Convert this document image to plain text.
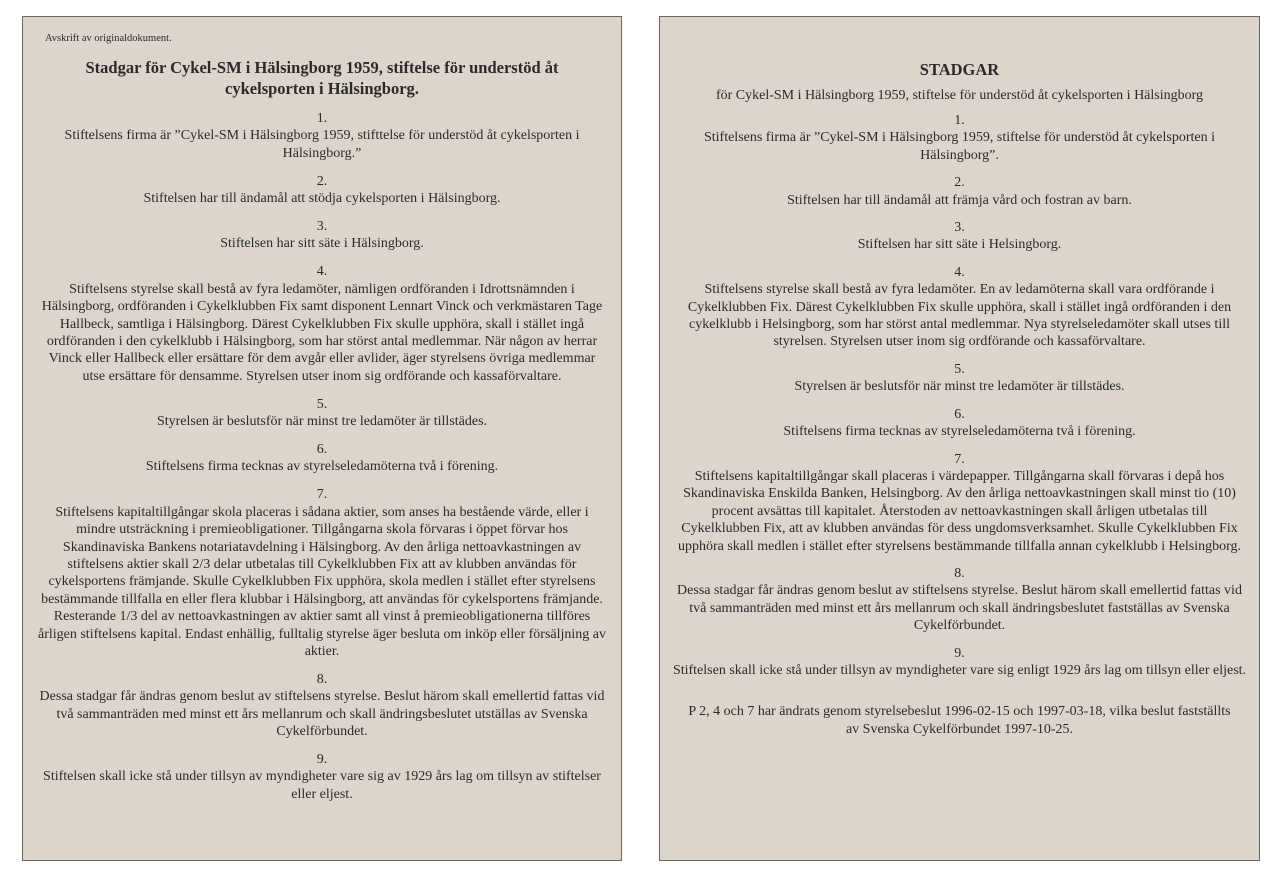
Avskrift av originaldokument.
Stadgar för Cykel-SM i Hälsingborg 1959, stiftelse för understöd åt cykelsporten i Hälsingborg.
1.
Stiftelsens firma är ”Cykel-SM i Hälsingborg 1959, stifttelse för understöd åt cykelsporten i Hälsingborg.”
2.
Stiftelsen har till ändamål att stödja cykelsporten i Hälsingborg.
3.
Stiftelsen har sitt säte i Hälsingborg.
4.
Stiftelsens styrelse skall bestå av fyra ledamöter, nämligen ordföranden i Idrottsnämnden i Hälsingborg, ordföranden i Cykelklubben Fix samt disponent Lennart Vinck och verkmästaren Tage Hallbeck, samtliga i Hälsingborg. Därest Cykelklubben Fix skulle upphöra, skall i stället ingå ordföranden i den cykelklubb i Hälsingborg, som har störst antal medlemmar. När någon av herrar Vinck eller Hallbeck eller ersättare för dem avgår eller avlider, äger styrelsens övriga medlemmar utse ersättare för densamme. Styrelsen utser inom sig ordförande och kassaförvaltare.
5.
Styrelsen är beslutsför när minst tre ledamöter är tillstädes.
6.
Stiftelsens firma tecknas av styrelseledamöterna två i förening.
7.
Stiftelsens kapitaltillgångar skola placeras i sådana aktier, som anses ha bestående värde, eller i mindre utsträckning i premieobligationer. Tillgångarna skola förvaras i öppet förvar hos Skandinaviska Bankens notariatavdelning i Hälsingborg. Av den årliga nettoavkastningen av stiftelsens aktier skall 2/3 delar utbetalas till Cykelklubben Fix att av klubben användas för cykelsportens främjande. Skulle Cykelklubben Fix upphöra, skola medlen i stället efter styrelsens bestämmande tillfalla en eller flera klubbar i Hälsingborg, att användas för cykelsportens främjande. Resterande 1/3 del av nettoavkastningen av aktier samt all vinst å premieobligationerna tillföres årligen stiftelsens kapital. Endast enhällig, fulltalig styrelse äger besluta om inköp eller försäljning av aktier.
8.
Dessa stadgar får ändras genom beslut av stiftelsens styrelse. Beslut härom skall emellertid fattas vid två sammanträden med minst ett års mellanrum och skall ändringsbeslutet utställas av Svenska Cykelförbundet.
9.
Stiftelsen skall icke stå under tillsyn av myndigheter vare sig av 1929 års lag om tillsyn av stiftelser eller eljest.
STADGAR
för Cykel-SM i Hälsingborg 1959, stiftelse för understöd åt cykelsporten i Hälsingborg
1.
Stiftelsens firma är ”Cykel-SM i Hälsingborg 1959, stiftelse för understöd åt cykelsporten i Hälsingborg”.
2.
Stiftelsen har till ändamål att främja vård och fostran av barn.
3.
Stiftelsen har sitt säte i Helsingborg.
4.
Stiftelsens styrelse skall bestå av fyra ledamöter. En av ledamöterna skall vara ordförande i Cykelklubben Fix. Därest Cykelklubben Fix skulle upphöra, skall i stället ingå ordföranden i den cykelklubb i Helsingborg, som har störst antal medlemmar. Nya styrelseledamöter skall utses till styrelsen. Styrelsen utser inom sig ordförande och kassaförvaltare.
5.
Styrelsen är beslutsför när minst tre ledamöter är tillstädes.
6.
Stiftelsens firma tecknas av styrelseledamöterna två i förening.
7.
Stiftelsens kapitaltillgångar skall placeras i värdepapper. Tillgångarna skall förvaras i depå hos Skandinaviska Enskilda Banken, Helsingborg. Av den årliga nettoavkastningen skall minst tio (10) procent avsättas till kapitalet. Återstoden av nettoavkastningen skall årligen utbetalas till Cykelklubben Fix, att av klubben användas för dess ungdomsverksamhet. Skulle Cykelklubben Fix upphöra skall medlen i stället efter styrelsens bestämmande tillfalla annan cykelklubb i Helsingborg.
8.
Dessa stadgar får ändras genom beslut av stiftelsens styrelse. Beslut härom skall emellertid fattas vid två sammanträden med minst ett års mellanrum och skall ändringsbeslutet fastställas av Svenska Cykelförbundet.
9.
Stiftelsen skall icke stå under tillsyn av myndigheter vare sig enligt 1929 års lag om tillsyn eller eljest.
P 2, 4 och 7 har ändrats genom styrelsebeslut 1996-02-15 och 1997-03-18, vilka beslut fastställts av Svenska Cykelförbundet 1997-10-25.
